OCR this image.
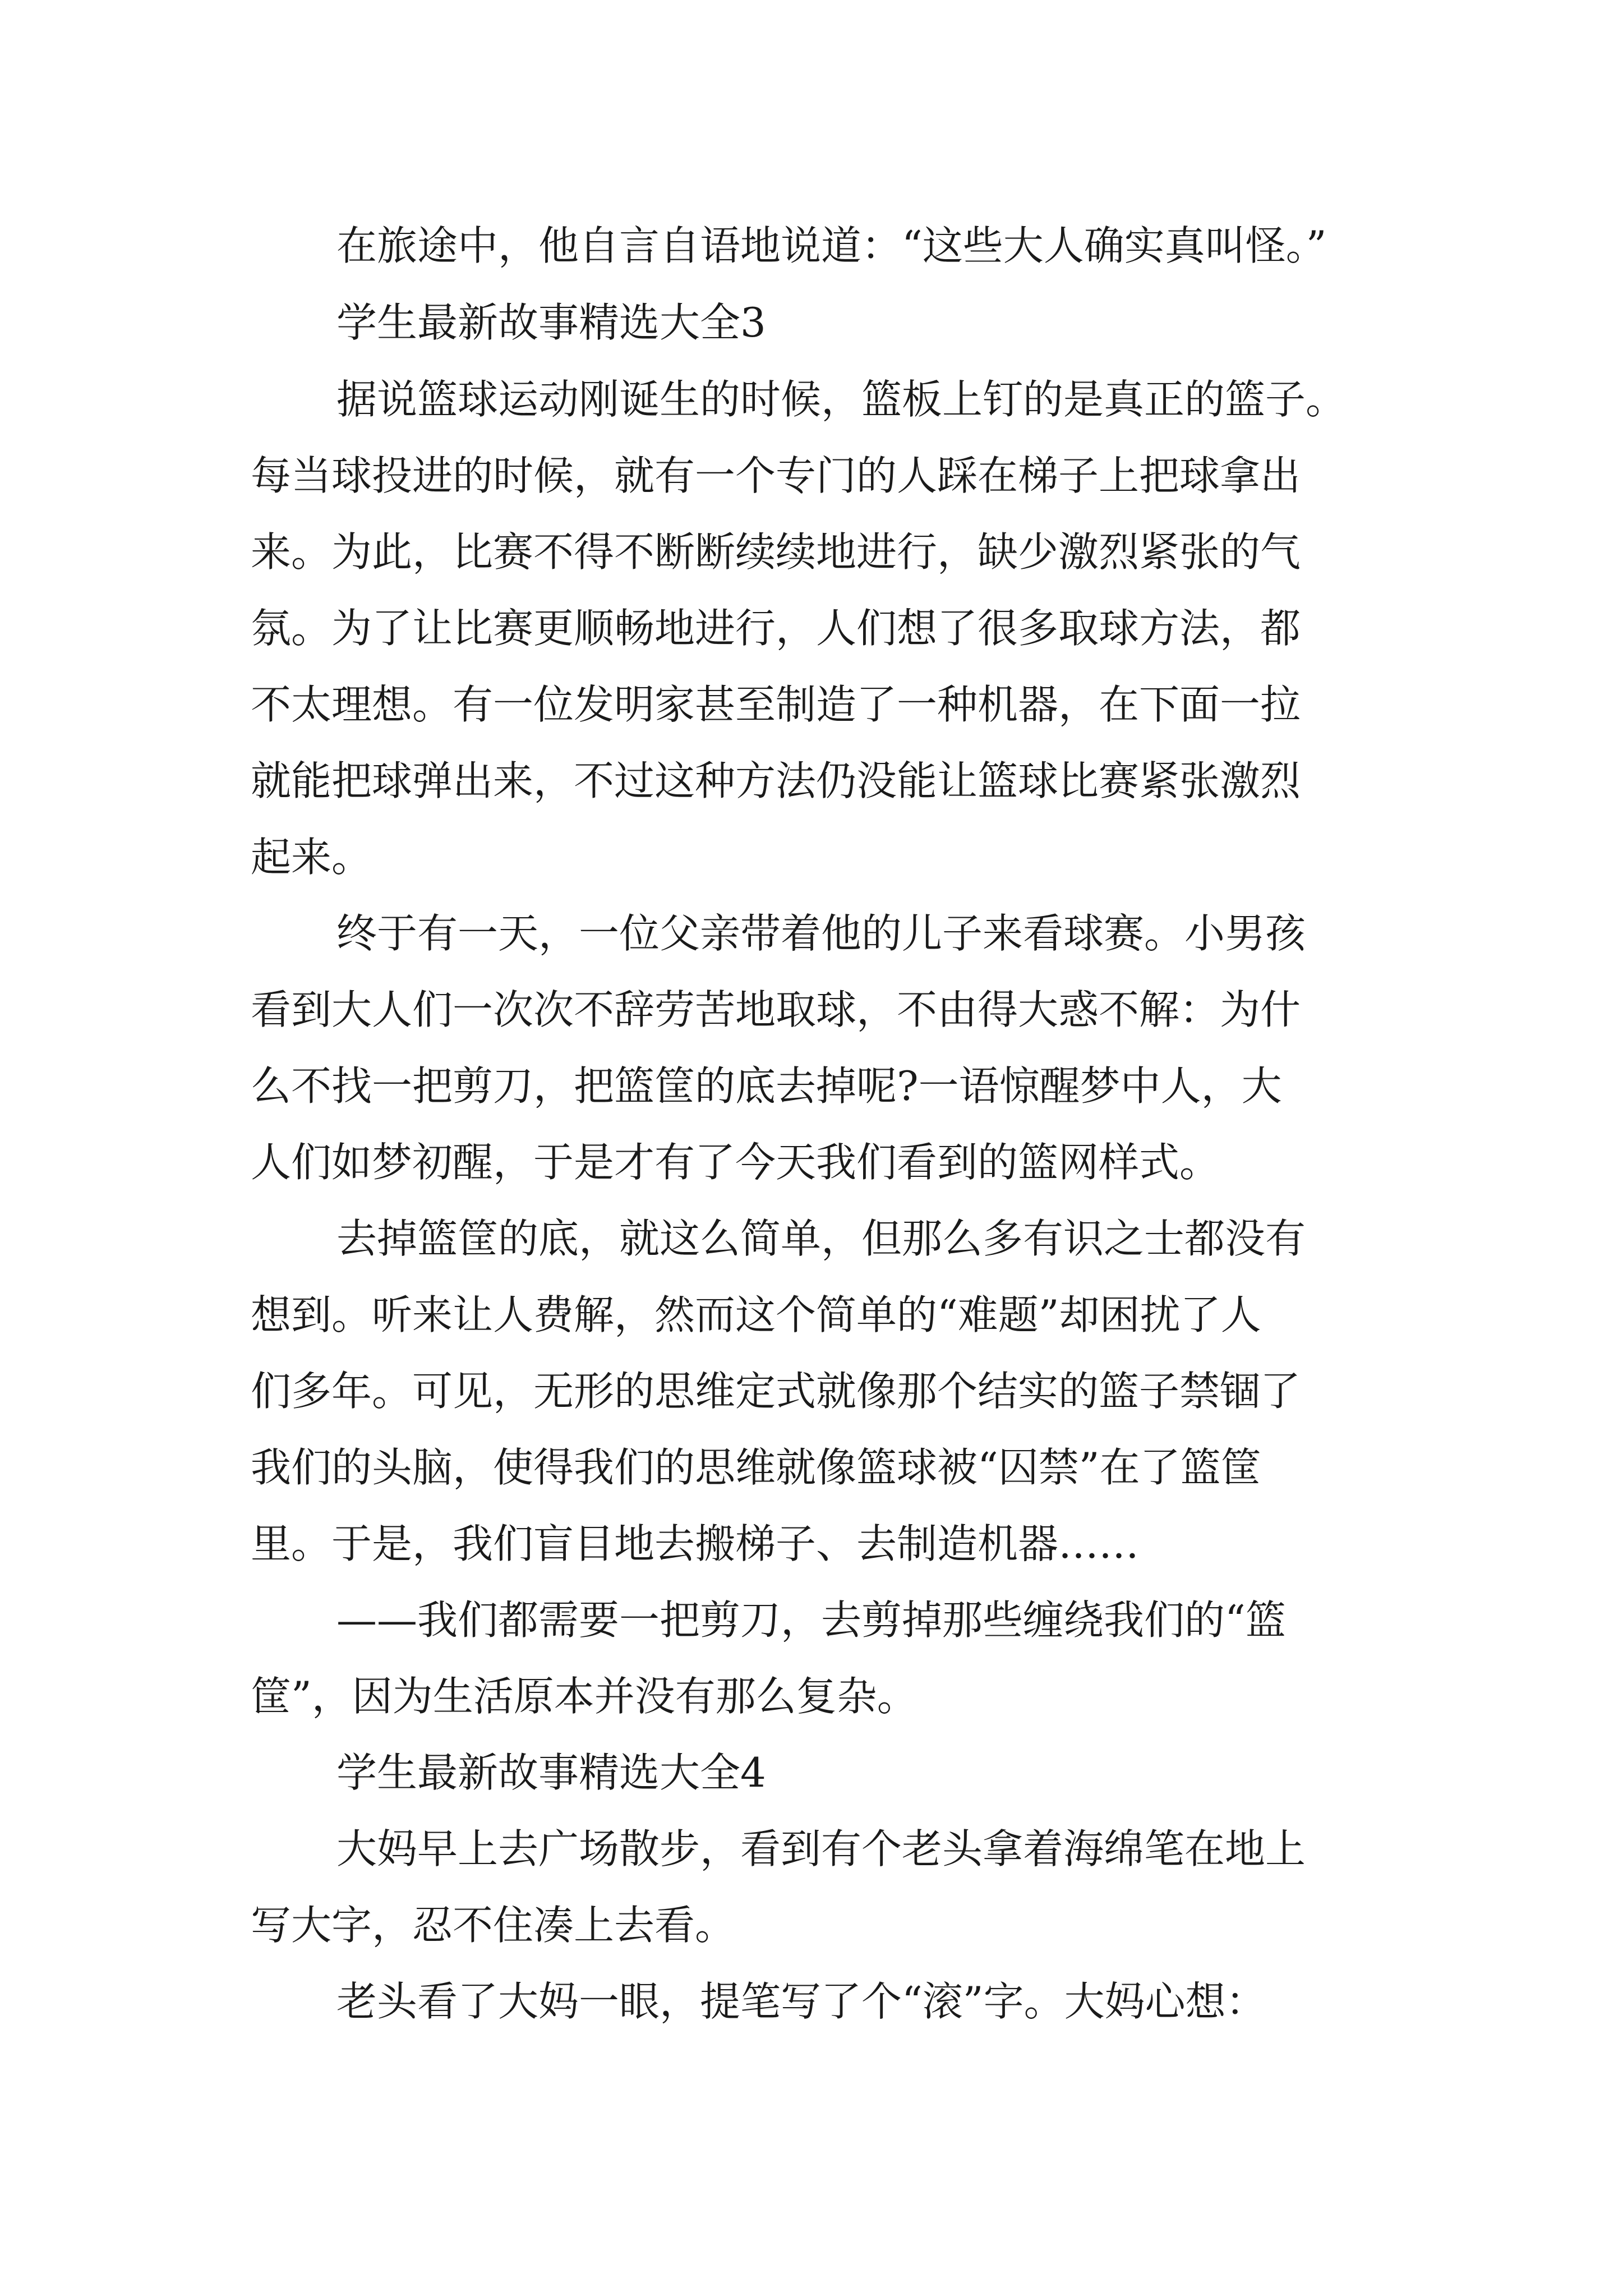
在旅途中，他自言自语地说道：“这些大人确实真叫怪。”
学生最新故事精选大全3
据说篮球运动刚诞生的时候，篮板上钉的是真正的篮子。
每当球投进的时候，就有一个专门的人踩在梯子上把球拿出
来。为此，比赛不得不断断续续地进行，缺少激烈紧张的气
氛。为了让比赛更顺畅地进行，人们想了很多取球方法，都
不太理想。有一位发明家甚至制造了一种机器，在下面一拉
就能把球弹出来，不过这种方法仍没能让篮球比赛紧张激烈
起来。
终于有一天，一位父亲带着他的儿子来看球赛。小男孩
看到大人们一次次不辞劳苦地取球，不由得大惑不解：为什
么不找一把剪刀，把篮筐的底去掉呢?一语惊醒梦中人，大
人们如梦初醒，于是才有了今天我们看到的篮网样式。
去掉篮筐的底，就这么简单，但那么多有识之士都没有
想到。听来让人费解，然而这个简单的“难题”却困扰了人
们多年。可见，无形的思维定式就像那个结实的篮子禁锢了
我们的头脑，使得我们的思维就像篮球被“囚禁”在了篮筐
里。于是，我们盲目地去搬梯子、去制造机器……
——我们都需要一把剪刀，去剪掉那些缠绕我们的“篮
筐”，因为生活原本并没有那么复杂。
学生最新故事精选大全4
大妈早上去广场散步，看到有个老头拿着海绵笔在地上
写大字，忍不住凑上去看。
老头看了大妈一眼，提笔写了个“滚”字。大妈心想：
